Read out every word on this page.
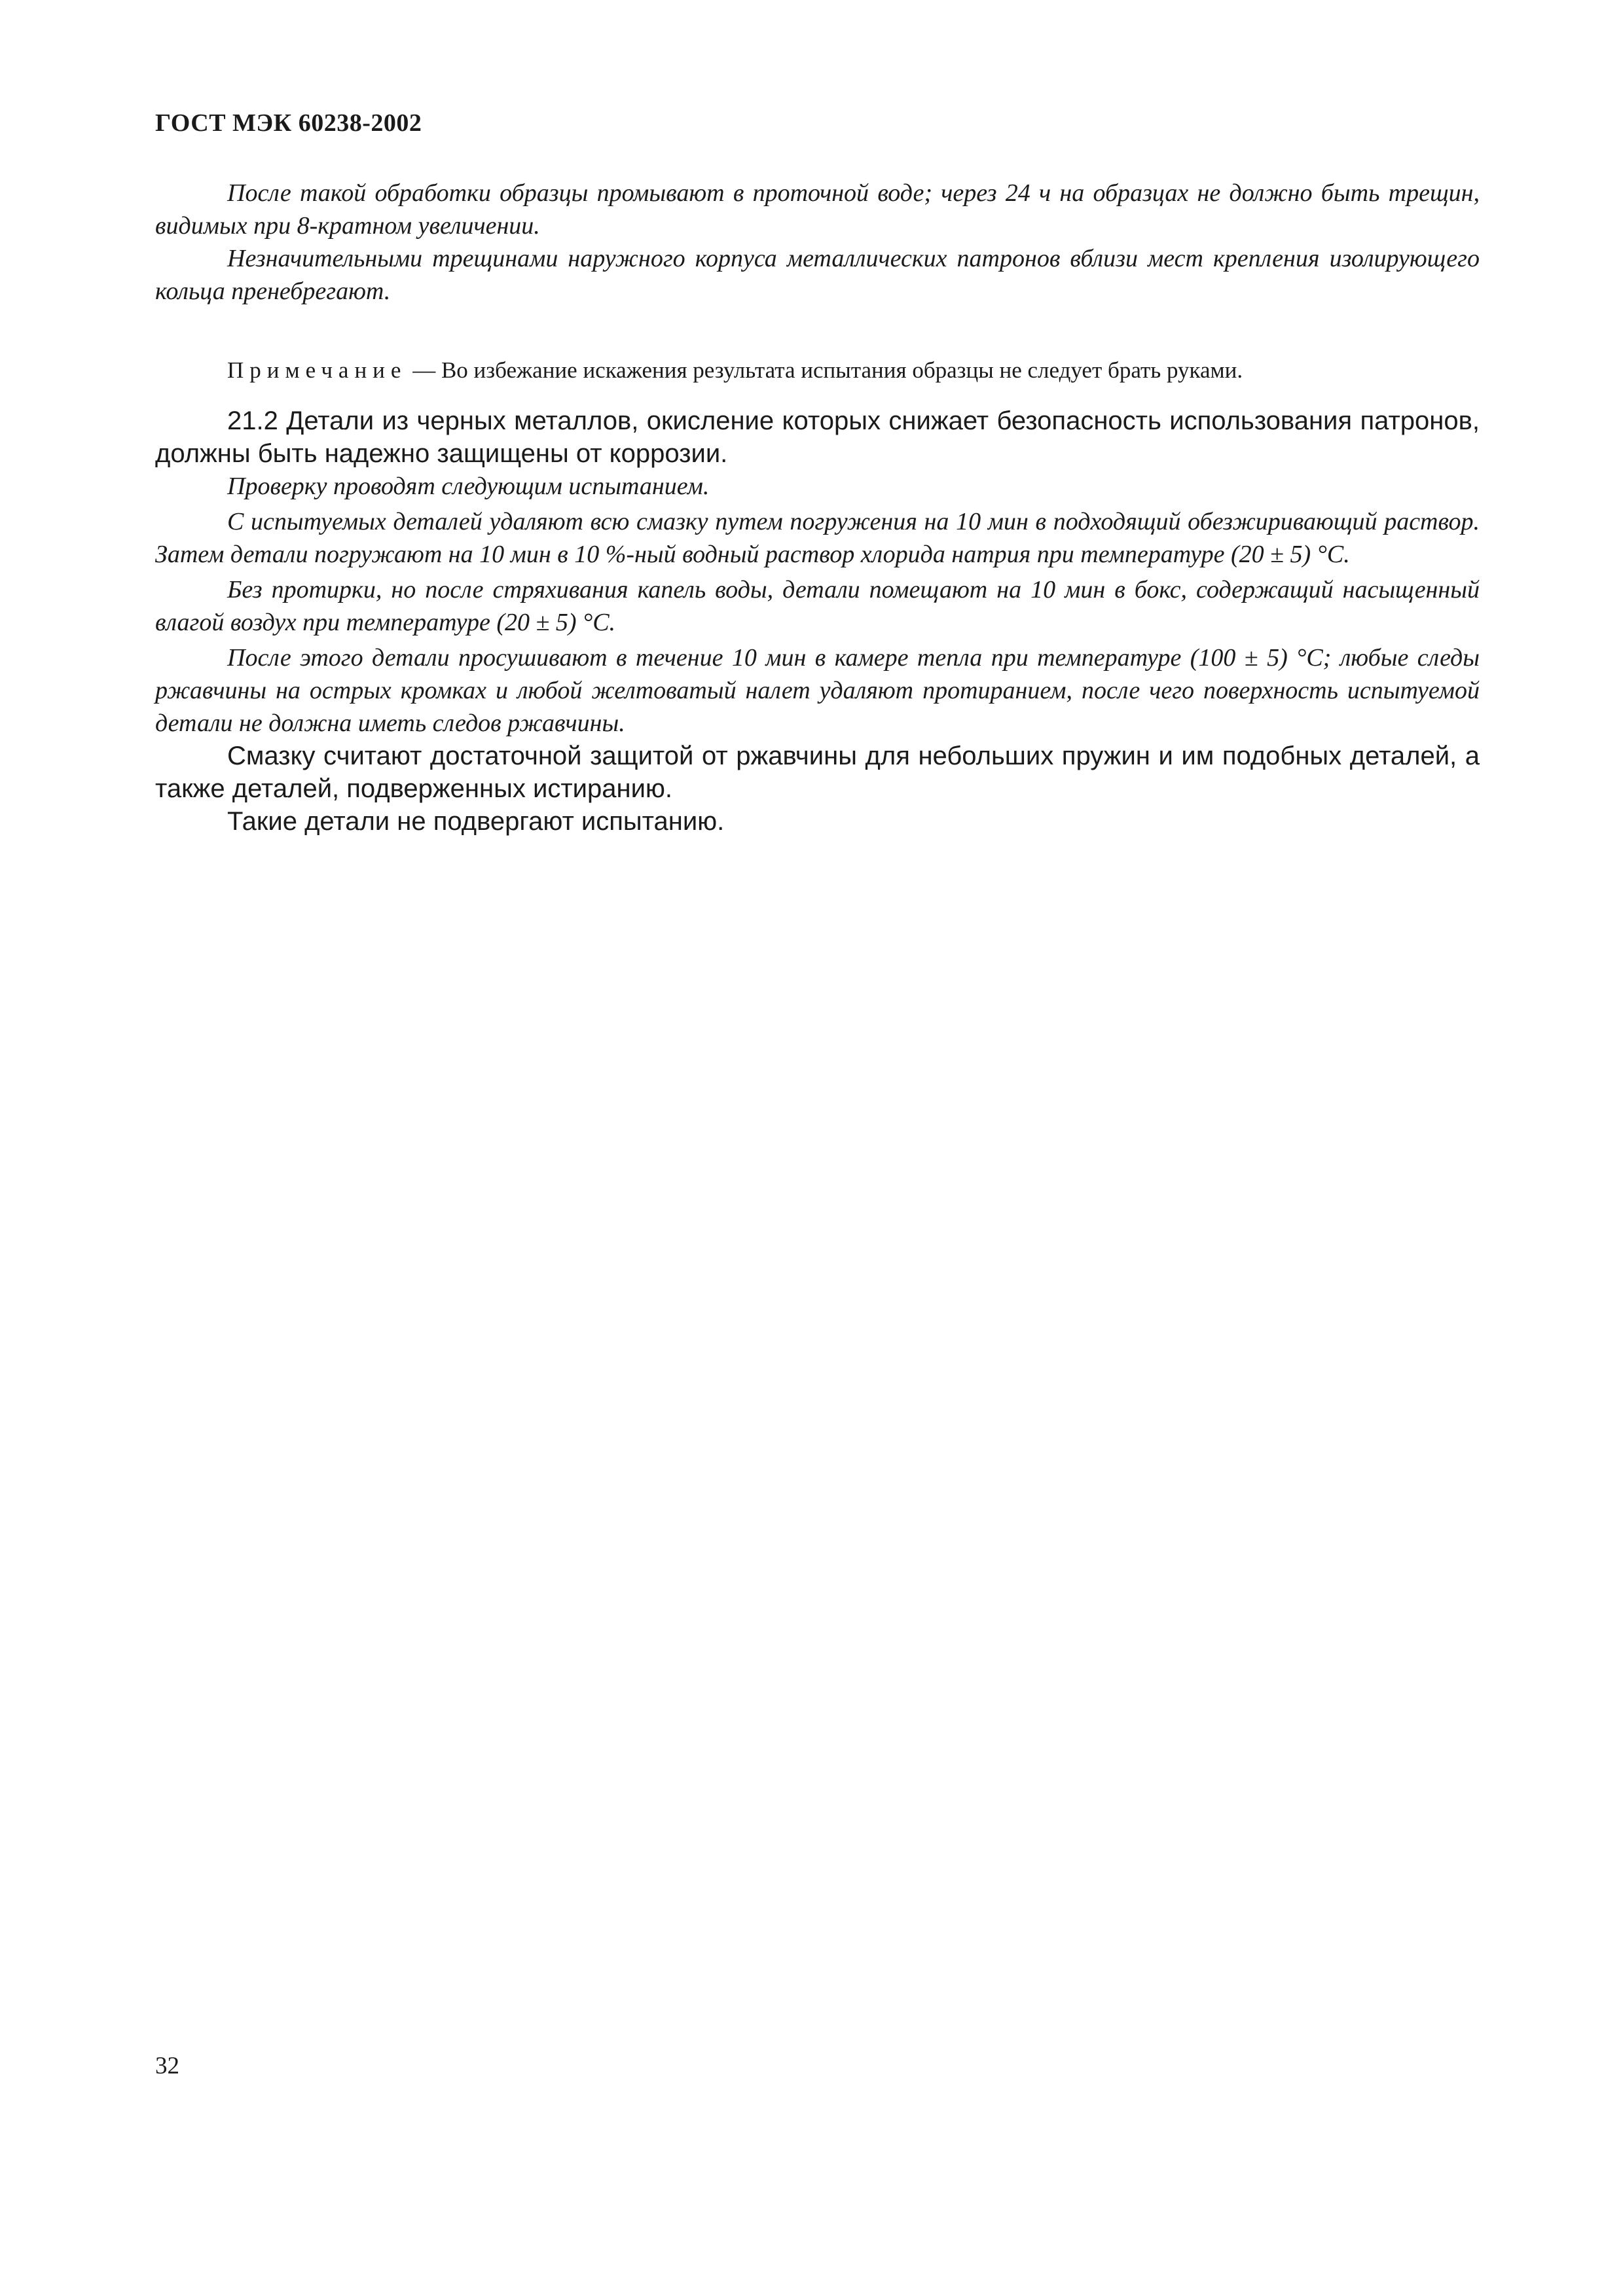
ГОСТ МЭК 60238-2002

После такой обработки образцы промывают в проточной воде; через 24 ч на образцах не должно быть трещин, видимых при 8-кратном увеличении.

Незначительными трещинами наружного корпуса металлических патронов вблизи мест крепления изолирующего кольца пренебрегают.

Примечание — Во избежание искажения результата испытания образцы не следует брать руками.

21.2 Детали из черных металлов, окисление которых снижает безопасность использования патронов, должны быть надежно защищены от коррозии.

Проверку проводят следующим испытанием.

С испытуемых деталей удаляют всю смазку путем погружения на 10 мин в подходящий обезжиривающий раствор. Затем детали погружают на 10 мин в 10 %-ный водный раствор хлорида натрия при температуре (20 ± 5) °С.

Без протирки, но после стряхивания капель воды, детали помещают на 10 мин в бокс, содержащий насыщенный влагой воздух при температуре (20 ± 5) °С.

После этого детали просушивают в течение 10 мин в камере тепла при температуре (100 ± 5) °С; любые следы ржавчины на острых кромках и любой желтоватый налет удаляют протиранием, после чего поверхность испытуемой детали не должна иметь следов ржавчины.

Смазку считают достаточной защитой от ржавчины для небольших пружин и им подобных деталей, а также деталей, подверженных истиранию.

Такие детали не подвергают испытанию.

32
